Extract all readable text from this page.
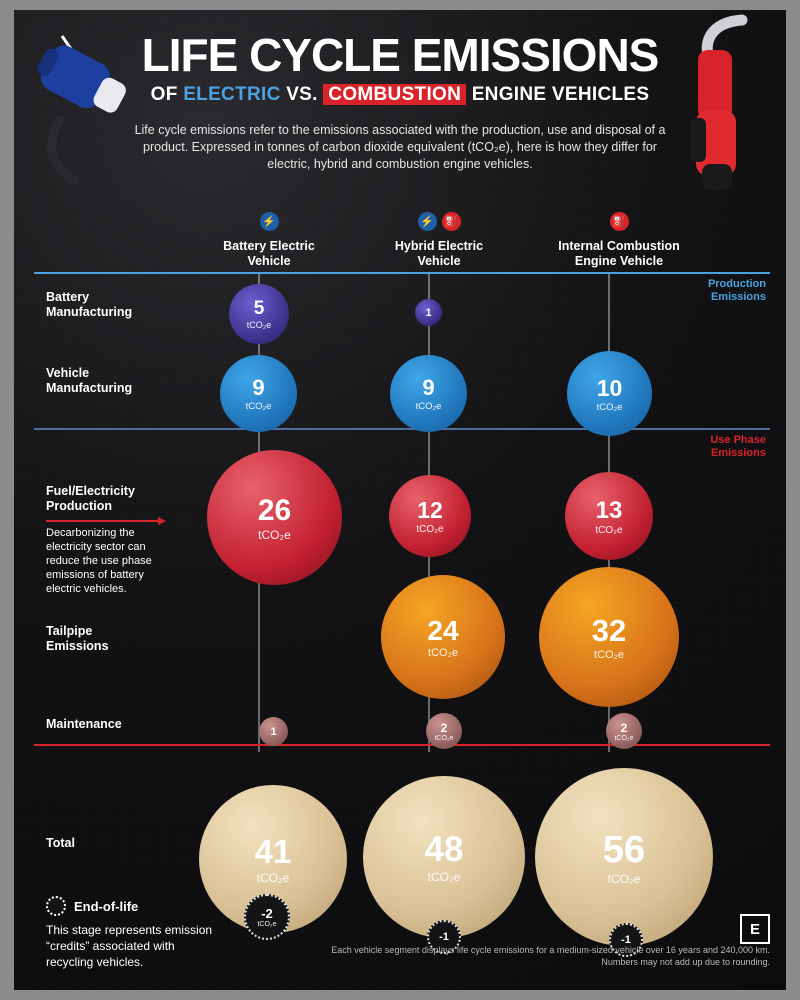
LIFE CYCLE EMISSIONS
OF ELECTRIC VS. COMBUSTION ENGINE VEHICLES
Life cycle emissions refer to the emissions associated with the production, use and disposal of a product. Expressed in tonnes of carbon dioxide equivalent (tCO₂e), here is how they differ for electric, hybrid and combustion engine vehicles.
⚡
Battery Electric
Vehicle
⚡ ⛽
Hybrid Electric
Vehicle
⛽
Internal Combustion
Engine Vehicle
Production
Emissions
Use Phase
Emissions
Battery
Manufacturing
Vehicle
Manufacturing
Fuel/Electricity
Production
Tailpipe
Emissions
Maintenance
Total
Decarbonizing the electricity sector can reduce the use phase emissions of battery electric vehicles.
5
tCO₂e
1
9
tCO₂e
9
tCO₂e
10
tCO₂e
26
tCO₂e
12
tCO₂e
13
tCO₂e
24
tCO₂e
32
tCO₂e
1	2
tCO₂e
2
tCO₂e
41
tCO₂e
48
tCO₂e
56
tCO₂e
-2
tCO₂e
-1	-1
End-of-life
This stage represents emission “credits” associated with recycling vehicles.
E
Each vehicle segment displays life cycle emissions for a medium-sized vehicle over 16 years and 240,000 km.
Numbers may not add up due to rounding.
